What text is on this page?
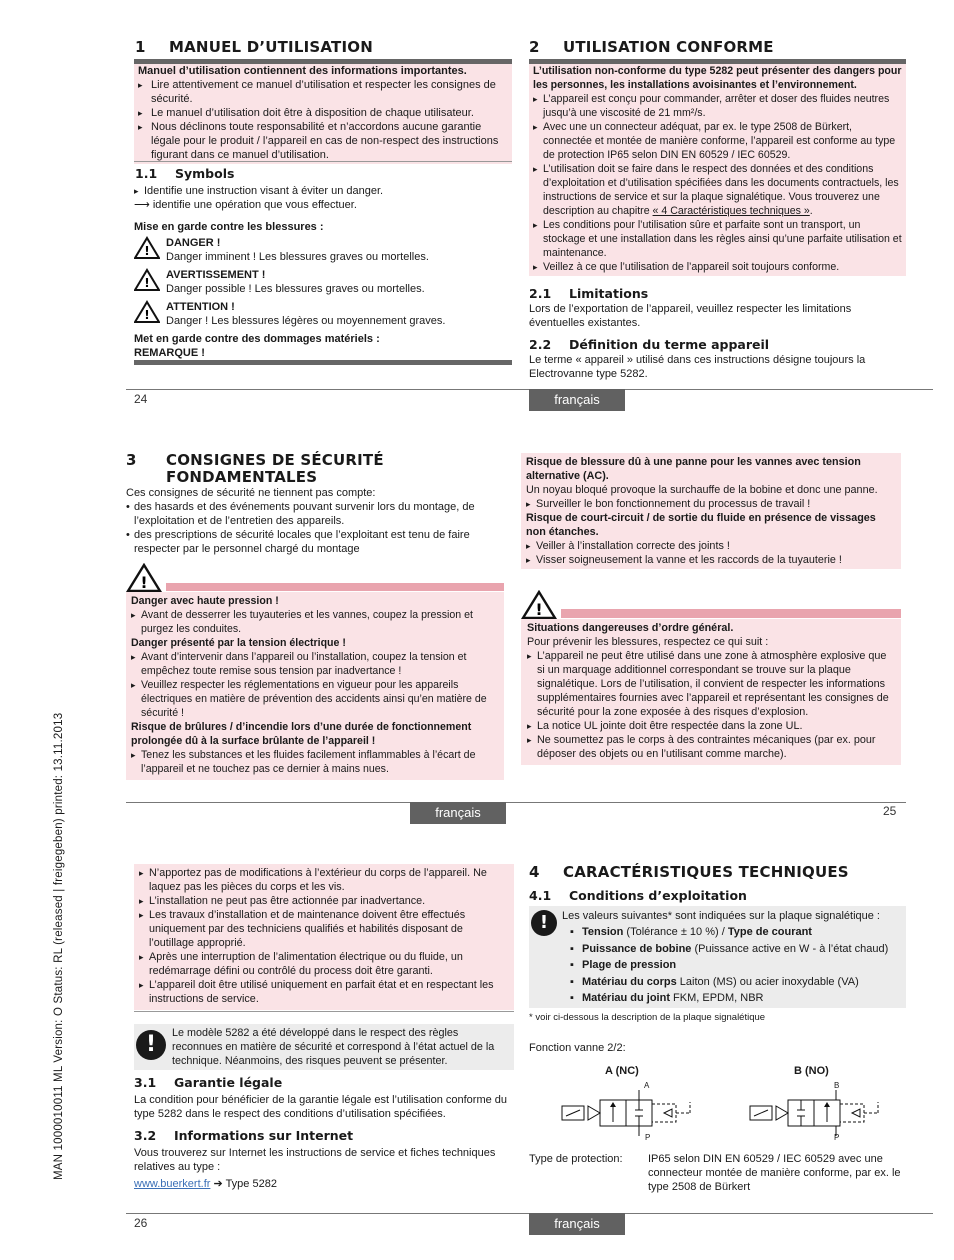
MAN 1000010011 ML Version: O Status: RL (released | freigegeben) printed: 13.11.2013
1 MANUEL D’UTILISATION
Manuel d’utilisation contiennent des informations importantes.
▸ Lire attentivement ce manuel d’utilisation et respecter les consignes de sécurité.
▸ Le manuel d’utilisation doit être à disposition de chaque utilisateur.
▸ Nous déclinons toute responsabilité et n’accordons aucune garantie légale pour le produit / l’appareil en cas de non-respect des instructions figurant dans ce manuel d’utilisation.
1.1 Symbols
▸ Identifie une instruction visant à éviter un danger.
⟶ identifie une opération que vous effectuer.
Mise en garde contre les blessures :
!
DANGER !
Danger imminent ! Les blessures graves ou mortelles.
!
AVERTISSEMENT !
Danger possible ! Les blessures graves ou mortelles.
!
ATTENTION !
Danger ! Les blessures légères ou moyennement graves.
Met en garde contre des dommages matériels :
REMARQUE !
2 UTILISATION CONFORME
L’utilisation non-conforme du type 5282 peut présenter des dangers pour les personnes, les installations avoisinantes et l’environnement.
▸ L’appareil est conçu pour commander, arrêter et doser des fluides neutres jusqu’à une viscosité de 21 mm²/s.
▸ Avec une un connecteur adéquat, par ex. le type 2508 de Bürkert, connectée et montée de manière conforme, l’appareil est conforme au type de protection IP65 selon DIN EN 60529 / IEC 60529.
▸ L’utilisation doit se faire dans le respect des données et des conditions d’exploitation et d’utilisation spécifiées dans les documents contractuels, les instructions de service et sur la plaque signalétique. Vous trouverez une description au chapitre « 4 Caractéristiques techniques ».
▸ Les conditions pour l’utilisation sûre et parfaite sont un transport, un stockage et une installation dans les règles ainsi qu’une parfaite utilisation et maintenance.
▸ Veillez à ce que l’utilisation de l’appareil soit toujours conforme.
2.1 Limitations
Lors de l’exportation de l’appareil, veuillez respecter les limitations éventuelles existantes.
2.2 Définition du terme appareil
Le terme « appareil » utilisé dans ces instructions désigne toujours la Electrovanne type 5282.
24	français
3 CONSIGNES DE SÉCURITÉ
FONDAMENTALES
Ces consignes de sécurité ne tiennent pas compte:
• des hasards et des événements pouvant survenir lors du montage, de l’exploitation et de l’entretien des appareils.
• des prescriptions de sécurité locales que l’exploitant est tenu de faire respecter par le personnel chargé du montage
!
Danger avec haute pression !
▸ Avant de desserrer les tuyauteries et les vannes, coupez la pression et purgez les conduites.
Danger présenté par la tension électrique !
▸ Avant d’intervenir dans l’appareil ou l’installation, coupez la tension et empêchez toute remise sous tension par inadvertance !
▸ Veuillez respecter les réglementations en vigueur pour les appareils électriques en matière de prévention des accidents ainsi qu’en matière de sécurité !
Risque de brûlures / d’incendie lors d’une durée de fonctionnement prolongée dû à la surface brûlante de l’appareil !
▸ Tenez les substances et les fluides facilement inflammables à l’écart de l’appareil et ne touchez pas ce dernier à mains nues.
Risque de blessure dû à une panne pour les vannes avec tension alternative (AC).
Un noyau bloqué provoque la surchauffe de la bobine et donc une panne.
▸ Surveiller le bon fonctionnement du processus de travail !
Risque de court-circuit / de sortie du fluide en présence de vissages non étanches.
▸ Veiller à l’installation correcte des joints !
▸ Visser soigneusement la vanne et les raccords de la tuyauterie !
!
Situations dangereuses d’ordre général.
Pour prévenir les blessures, respectez ce qui suit :
▸ L’appareil ne peut être utilisé dans une zone à atmosphère explosive que si un marquage additionnel correspondant se trouve sur la plaque signalétique. Lors de l’utilisation, il convient de respecter les informations supplémentaires fournies avec l’appareil et représentant les consignes de sécurité pour la zone exposée à des risques d’explosion.
▸ La notice UL jointe doit être respectée dans la zone UL.
▸ Ne soumettez pas le corps à des contraintes mécaniques (par ex. pour déposer des objets ou en l’utilisant comme marche).
français	25
▸ N’apportez pas de modifications à l’extérieur du corps de l’appareil. Ne laquez pas les pièces du corps et les vis.
▸ L’installation ne peut pas être actionnée par inadvertance.
▸ Les travaux d’installation et de maintenance doivent être effectués uniquement par des techniciens qualifiés et habilités disposant de l’outillage approprié.
▸ Après une interruption de l’alimentation électrique ou du fluide, un redémarrage défini ou contrôlé du process doit être garanti.
▸ L’appareil doit être utilisé uniquement en parfait état et en respectant les instructions de service.
!	Le modèle 5282 a été développé dans le respect des règles reconnues en matière de sécurité et correspond à l’état actuel de la technique. Néanmoins, des risques peuvent se présenter.
3.1 Garantie légale
La condition pour bénéficier de la garantie légale est l’utilisation conforme du type 5282 dans le respect des conditions d’utilisation spécifiées.
3.2 Informations sur Internet
Vous trouverez sur Internet les instructions de service et fiches techniques relatives au type :
www.buerkert.fr ➔ Type 5282
4 CARACTÉRISTIQUES TECHNIQUES
4.1 Conditions d’exploitation
!	Les valeurs suivantes* sont indiquées sur la plaque signalétique :
▪ Tension (Tolérance ± 10 %) / Type de courant
▪ Puissance de bobine (Puissance active en W - à l’état chaud)
▪ Plage de pression
▪ Matériau du corps Laiton (MS) ou acier inoxydable (VA)
▪ Matériau du joint FKM, EPDM, NBR
* voir ci-dessous la description de la plaque signalétique
Fonction vanne 2/2:
A (NC)	B (NO)
A
P
B
P
Type de protection: IP65 selon DIN EN 60529 / IEC 60529 avec une connecteur montée de manière conforme, par ex. le type 2508 de Bürkert
26	français
